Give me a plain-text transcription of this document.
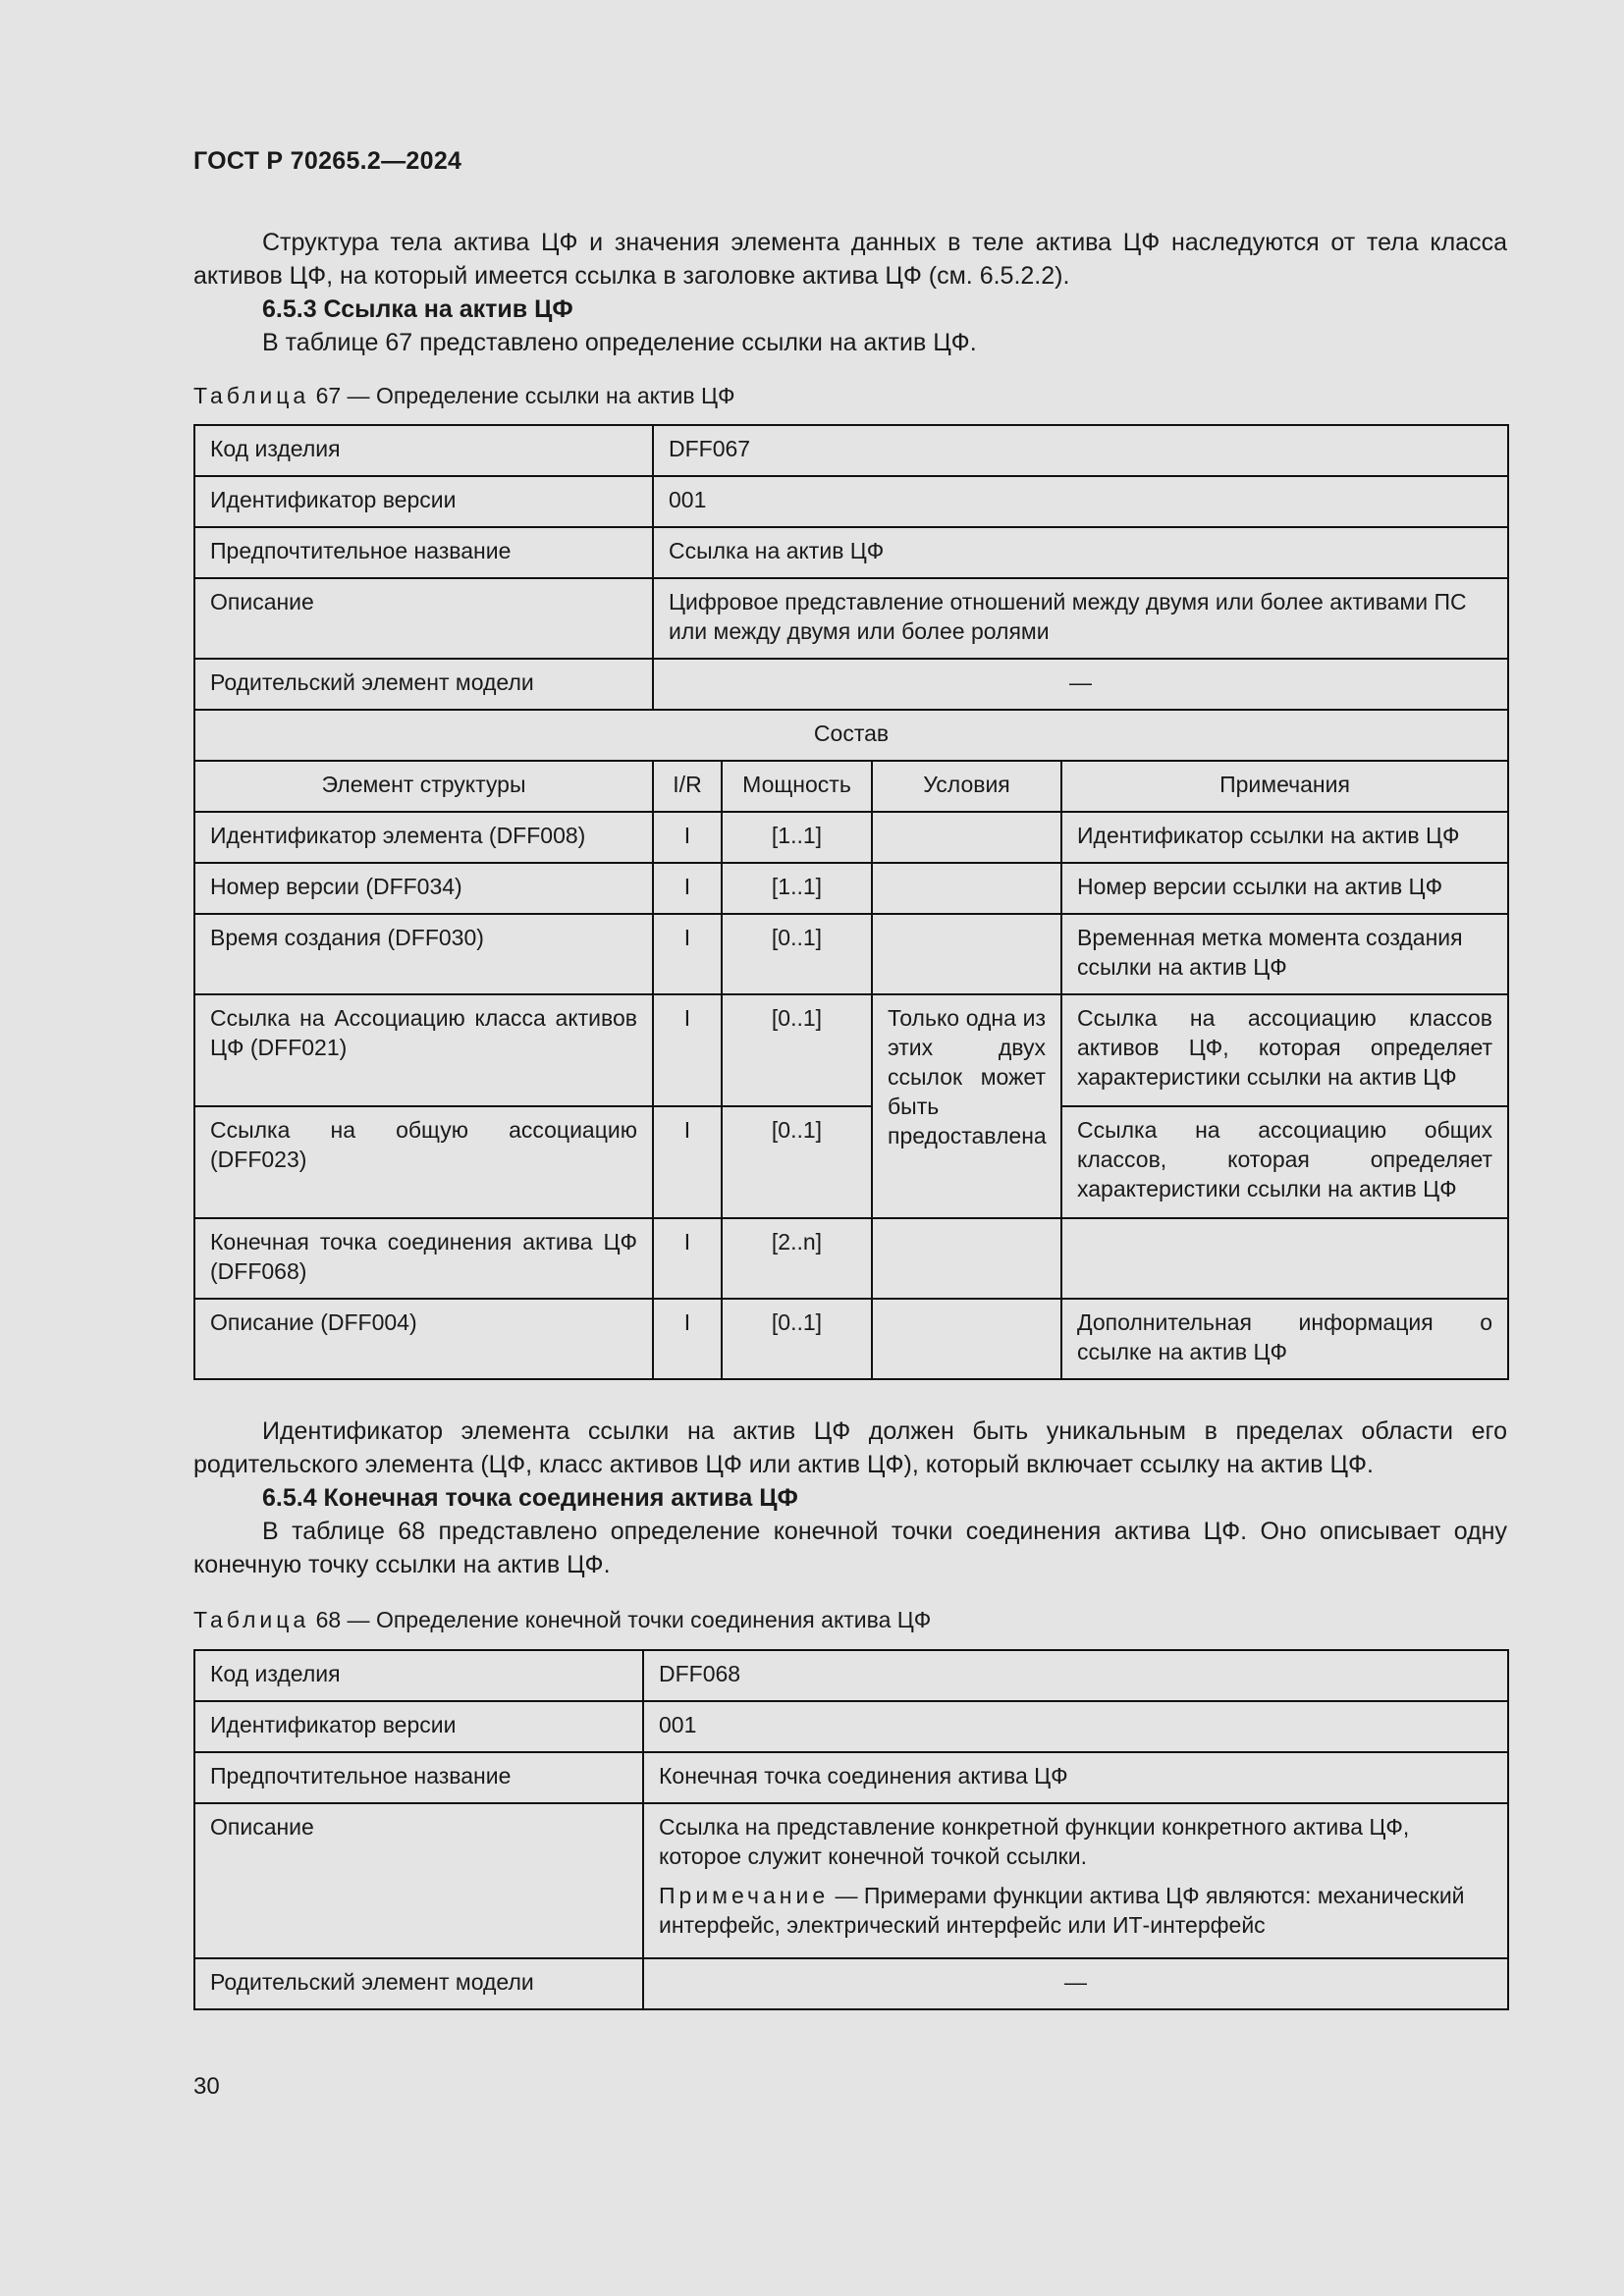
ГОСТ Р 70265.2—2024

Структура тела актива ЦФ и значения элемента данных в теле актива ЦФ наследуются от тела класса активов ЦФ, на который имеется ссылка в заголовке актива ЦФ (см. 6.5.2.2).

6.5.3 Ссылка на актив ЦФ

В таблице 67 представлено определение ссылки на актив ЦФ.

Таблица 67 — Определение ссылки на актив ЦФ
Код изделия	DFF067			
Идентификатор версии	001			
Предпочтительное название	Ссылка на актив ЦФ			
Описание	Цифровое представление отношений между двумя или более активами ПС или между двумя или более ролями			
Родительский элемент модели	—			
Состав				
Элемент структуры	I/R	Мощность	Условия	Примечания
Идентификатор элемента (DFF008)	I	[1..1]		Идентификатор ссылки на актив ЦФ
Номер версии (DFF034)	I	[1..1]		Номер версии ссылки на актив ЦФ
Время создания (DFF030)	I	[0..1]		Временная метка момента создания ссылки на актив ЦФ
Ссылка на Ассоциацию класса активов ЦФ (DFF021)	I	[0..1]	Только одна из этих двух ссылок может быть предоставлена	Ссылка на ассоциацию классов активов ЦФ, которая определяет характеристики ссылки на актив ЦФ
Ссылка на общую ассоциацию (DFF023)	I	[0..1]		Ссылка на ассоциацию общих классов, которая определяет характеристики ссылки на актив ЦФ
Конечная точка соединения актива ЦФ (DFF068)	I	[2..n]		
Описание (DFF004)	I	[0..1]		Дополнительная информация о ссылке на актив ЦФ

Идентификатор элемента ссылки на актив ЦФ должен быть уникальным в пределах области его родительского элемента (ЦФ, класс активов ЦФ или актив ЦФ), который включает ссылку на актив ЦФ.

6.5.4 Конечная точка соединения актива ЦФ

В таблице 68 представлено определение конечной точки соединения актива ЦФ. Оно описывает одну конечную точку ссылки на актив ЦФ.

Таблица 68 — Определение конечной точки соединения актива ЦФ
Код изделия	DFF068
Идентификатор версии	001
Предпочтительное название	Конечная точка соединения актива ЦФ
Описание	Ссылка на представление конкретной функции конкретного актива ЦФ, которое служит конечной точкой ссылки.
Примечание — Примерами функции актива ЦФ являются: механический интерфейс, электрический интерфейс или ИТ-интерфейс

Родительский элемент модели	—
30
